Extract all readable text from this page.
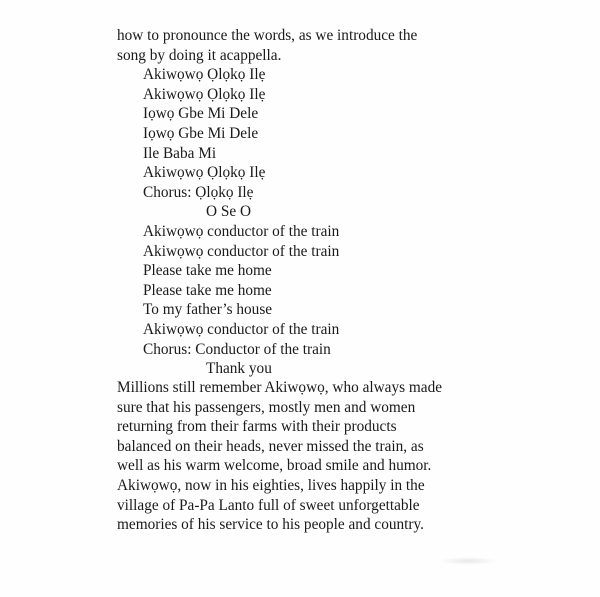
how to pronounce the words, as we introduce the
song by doing it acappella.
Akiwọwọ Ọlọkọ Ilẹ
Akiwọwọ Ọlọkọ Ilẹ
Iọwọ Gbe Mi Dele
Iọwọ Gbe Mi Dele
Ile Baba Mi
Akiwọwọ Ọlọkọ Ilẹ
Chorus: Ọlọkọ Ilẹ
O Se O
Akiwọwọ conductor of the train
Akiwọwọ conductor of the train
Please take me home
Please take me home
To my father’s house
Akiwọwọ conductor of the train
Chorus: Conductor of the train
Thank you
Millions still remember Akiwọwọ, who always made
sure that his passengers, mostly men and women
returning from their farms with their products
balanced on their heads, never missed the train, as
well as his warm welcome, broad smile and humor.
Akiwọwọ, now in his eighties, lives happily in the
village of Pa-Pa Lanto full of sweet unforgettable
memories of his service to his people and country.
